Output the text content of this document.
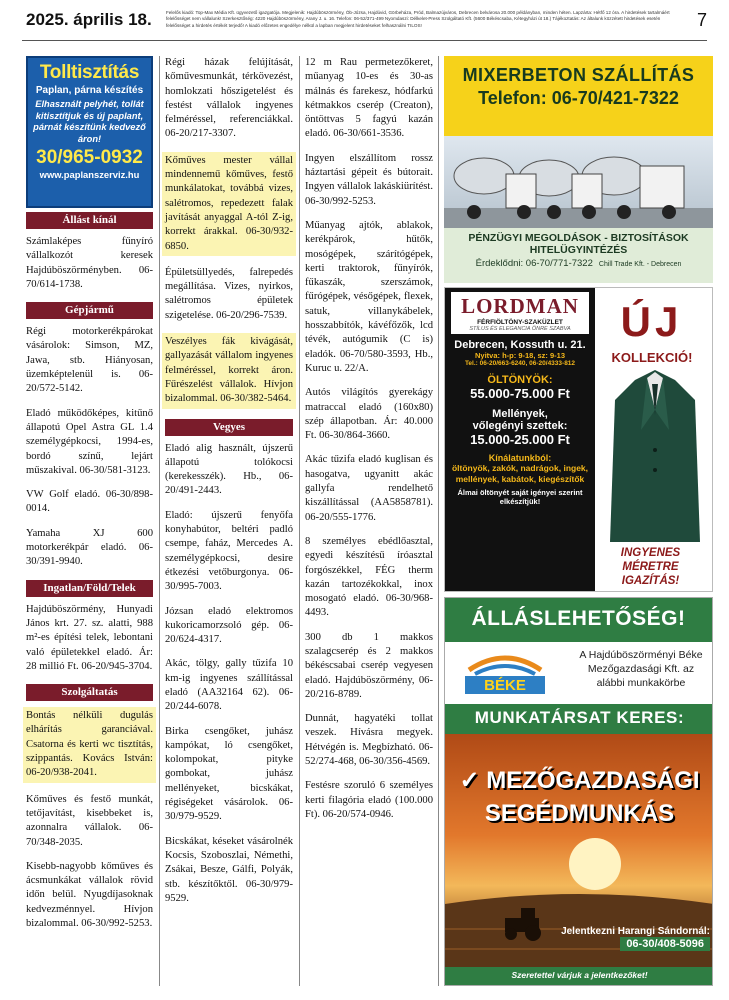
2025. április 18.	Felelős kiadó: Top-Max Média Kft. ügyvezető igazgatója. Megjelenik: Hajdúböszörmény, Ób-Józsa, Hajdúvid, Görbeháza, Pród, Balmazújváros, Debrecen belvárosa 20.000 példányban, minden héten. Lapzárta: Hétfő 12 óra. A hirdetések tartalmáért felelősséget nem vállalunk! Szerkesztőség: 4220 Hajdúböszörmény, Arany J. u. 16. Telefon: 06-52/371-499 Nyomdaszi: Délkelet-Press Szolgáltató Kft. (5600 Békéscsaba, Kétegyházi út 18.) Tájékoztatás: Az általunk közzétett hirdetések esetén felelősséget a hirdetés értékét terjedő! A kiadó előzetes engedélye nélkül a lapban megjelent hirdetéseket felhasználni TILOS!	7
Tolltisztítás
Paplan, párna készítés
Elhasznált pelyhét, tollát kitisztítjuk és új paplant, párnát készítünk kedvező áron!
30/965-0932
www.paplanszerviz.hu
Állást kínál
Számlaképes fűnyíró vállalkozót keresek Hajdúböszörményben. 06-70/614-1738.
Gépjármű
Régi motorkerékpárokat vásárolok: Simson, MZ, Jawa, stb. Hiányosan, üzemképtelenül is. 06-20/572-5142.
Eladó működőképes, kitűnő állapotú Opel Astra GL 1.4 személygépkocsi, 1994-es, bordó színű, lejárt műszakival. 06-30/581-3123.
VW Golf eladó. 06-30/898-0014.
Yamaha XJ 600 motorkerékpár eladó. 06-30/391-9940.
Ingatlan/Föld/Telek
Hajdúböszörmény, Hunyadi János krt. 27. sz. alatti, 988 m²-es építési telek, lebontani való épületekkel eladó. Ár: 28 millió Ft. 06-20/945-3704.
Szolgáltatás
Bontás nélküli dugulás elhárítás garanciával. Csatorna és kerti wc tisztítás, szippantás. Kovács István: 06-20/938-2041.
Kőműves és festő munkát, tetőjavítást, kisebbeket is, azonnalra vállalok. 06-70/348-2035.
Kisebb-nagyobb kőműves és ácsmunkákat vállalok rövid időn belül. Nyugdíjasoknak kedvezménnyel. Hívjon bizalommal. 06-30/992-5253.
Régi házak felújítását, kőművesmunkát, térkövezést, homlokzati hőszigetelést és festést vállalok ingyenes felméréssel, referenciákkal. 06-20/217-3307.
Kőműves mester vállal mindennemű kőműves, festő munkálatokat, továbbá vizes, salétromos, repedezett falak javítását anyaggal A-tól Z-ig, korrekt árakkal. 06-30/932-6850.
Épületsüllyedés, falrepedés megállítása. Vizes, nyirkos, salétromos épületek szigetelése. 06-20/296-7539.
Veszélyes fák kivágását, gallyazását vállalom ingyenes felméréssel, korrekt áron. Fűrészelést vállalok. Hívjon bizalommal. 06-30/382-5464.
Vegyes
Eladó alig használt, újszerű állapotú tolókocsi (kerekesszék). Hb., 06-20/491-2443.
Eladó: újszerű fenyőfa konyhabútor, beltéri padló csempe, faház, Mercedes A. személygépkocsi, desire étkezési vetőburgonya. 06-30/995-7003.
Józsan eladó elektromos kukoricamorzsoló gép. 06-20/624-4317.
Akác, tölgy, gally tűzifa 10 km-ig ingyenes szállítással eladó (AA32164 62). 06-20/244-6078.
Birka csengőket, juhász kampókat, ló csengőket, kolompokat, pityke gombokat, juhász mellényeket, bicskákat, régiségeket vásárolok. 06-30/979-9529.
Bicskákat, késeket vásárolnék Kocsis, Szoboszlai, Némethi, Zsákai, Besze, Gálfi, Polyák, stb. készítőktől. 06-30/979-9529.
12 m Rau permetezőkeret, műanyag 10-es és 30-as málnás és farekesz, hódfarkú kétmakkos cserép (Creaton), öntöttvas 5 fagyú kazán eladó. 06-30/661-3536.
Ingyen elszállítom rossz háztartási gépeit és bútorait. Ingyen vállalok lakáskiürítést. 06-30/992-5253.
Műanyag ajtók, ablakok, kerékpárok, hűtők, mosógépek, szárítógépek, kerti traktorok, fűnyírók, fűkaszák, szerszámok, fűrógépek, vésőgépek, flexek, satuk, villanykábelek, hosszabbítók, kávéfőzők, lcd tévék, autógumik (C is) eladók. 06-70/580-3593, Hb., Kuruc u. 22/A.
Autós világítós gyerekágy matraccal eladó (160x80) szép állapotban. Ár: 40.000 Ft. 06-30/864-3660.
Akác tűzifa eladó kuglisan és hasogatva, ugyanitt akác gallyfa rendelhető kiszállítással (AA5858781). 06-20/555-1776.
8 személyes ebédlőasztal, egyedi készítésű íróasztal forgószékkel, FÉG therm kazán tartozékokkal, inox mosogató eladó. 06-30/968-4493.
300 db 1 makkos szalagcserép és 2 makkos békéscsabai cserép vegyesen eladó. Hajdúböszörmény, 06-20/216-8789.
Dunnát, hagyatéki tollat veszek. Hívásra megyek. Hétvégén is. Megbízható. 06-52/274-468, 06-30/356-4569.
Festésre szoruló 6 személyes kerti filagória eladó (100.000 Ft). 06-20/574-0946.
MIXERBETON SZÁLLÍTÁS
Telefon: 06-70/421-7322
PÉNZÜGYI MEGOLDÁSOK - BIZTOSÍTÁSOK
HITELÜGYINTÉZÉS
Érdeklődni: 06-70/771-7322 Chill Trade Kft. - Debrecen
LORDMAN
FÉRFIÖLTÖNY-SZAKÜZLET
STÍLUS ÉS ELEGANCIA ÖNRE SZABVA
Debrecen, Kossuth u. 21.
Nyitva: h-p: 9-18, sz: 9-13
Tel.: 06-20/663-6240, 06-20/4333-812
ÖLTÖNYÖK:
55.000-75.000 Ft
Mellények,
vőlegényi szettek:
15.000-25.000 Ft
Kínálatunkból:
öltönyök, zakók, nadrágok, ingek, mellények, kabátok, kiegészítők
Álmai öltönyét saját igényei szerint elkészítjük!
ÚJ
KOLLEKCIÓ!
INGYENES MÉRETRE IGAZÍTÁS!
ÁLLÁSLEHETŐSÉG!
BÉKE
A Hajdúböszörményi Béke Mezőgazdasági Kft. az alábbi munkakörbe
MUNKATÁRSAT KERES:
✓ MEZŐGAZDASÁGI
SEGÉDMUNKÁS
Jelentkezni Harangi Sándornál:
06-30/408-5096
Szeretettel várjuk a jelentkezőket!
